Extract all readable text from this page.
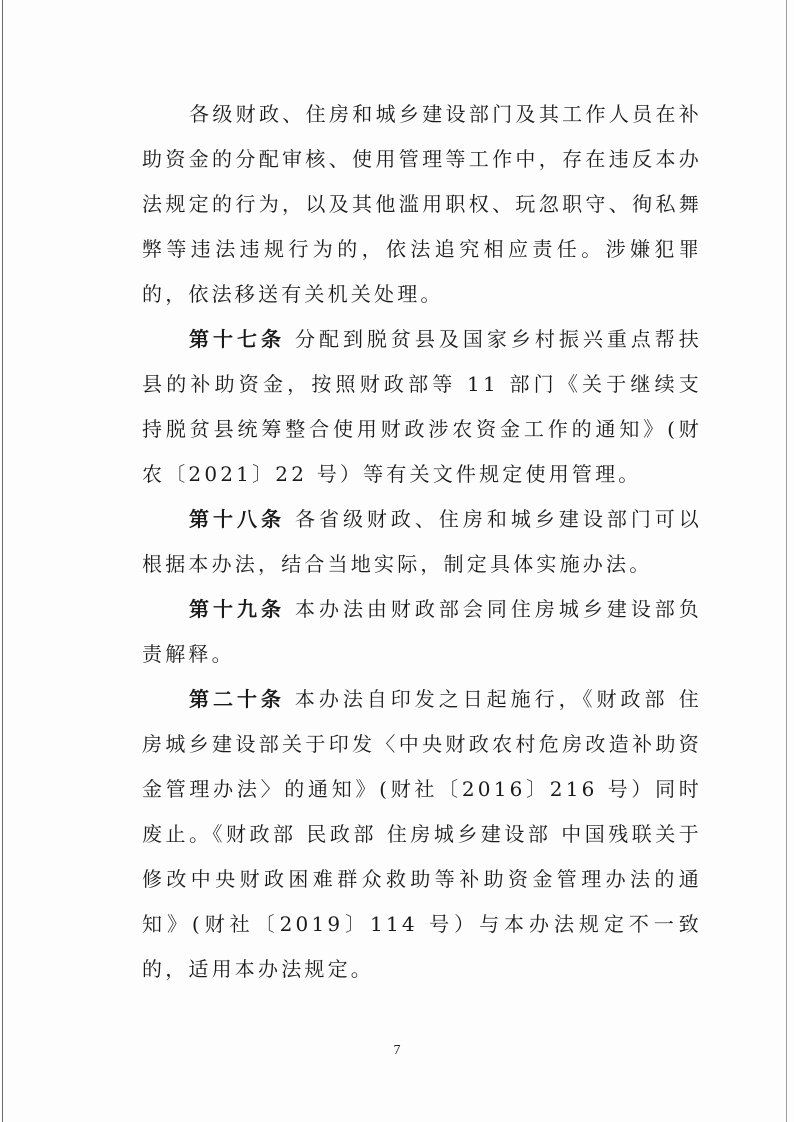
各级财政、住房和城乡建设部门及其工作人员在补助资金的分配审核、使用管理等工作中，存在违反本办法规定的行为，以及其他滥用职权、玩忽职守、徇私舞弊等违法违规行为的，依法追究相应责任。涉嫌犯罪的，依法移送有关机关处理。

第十七条 分配到脱贫县及国家乡村振兴重点帮扶县的补助资金，按照财政部等 11 部门《关于继续支持脱贫县统筹整合使用财政涉农资金工作的通知》(财农〔2021〕22 号）等有关文件规定使用管理。

第十八条 各省级财政、住房和城乡建设部门可以根据本办法，结合当地实际，制定具体实施办法。

第十九条 本办法由财政部会同住房城乡建设部负责解释。

第二十条 本办法自印发之日起施行，《财政部 住房城乡建设部关于印发〈中央财政农村危房改造补助资金管理办法〉的通知》(财社〔2016〕216 号）同时废止。《财政部 民政部 住房城乡建设部 中国残联关于修改中央财政困难群众救助等补助资金管理办法的通知》(财社〔2019〕114 号）与本办法规定不一致的，适用本办法规定。

7
